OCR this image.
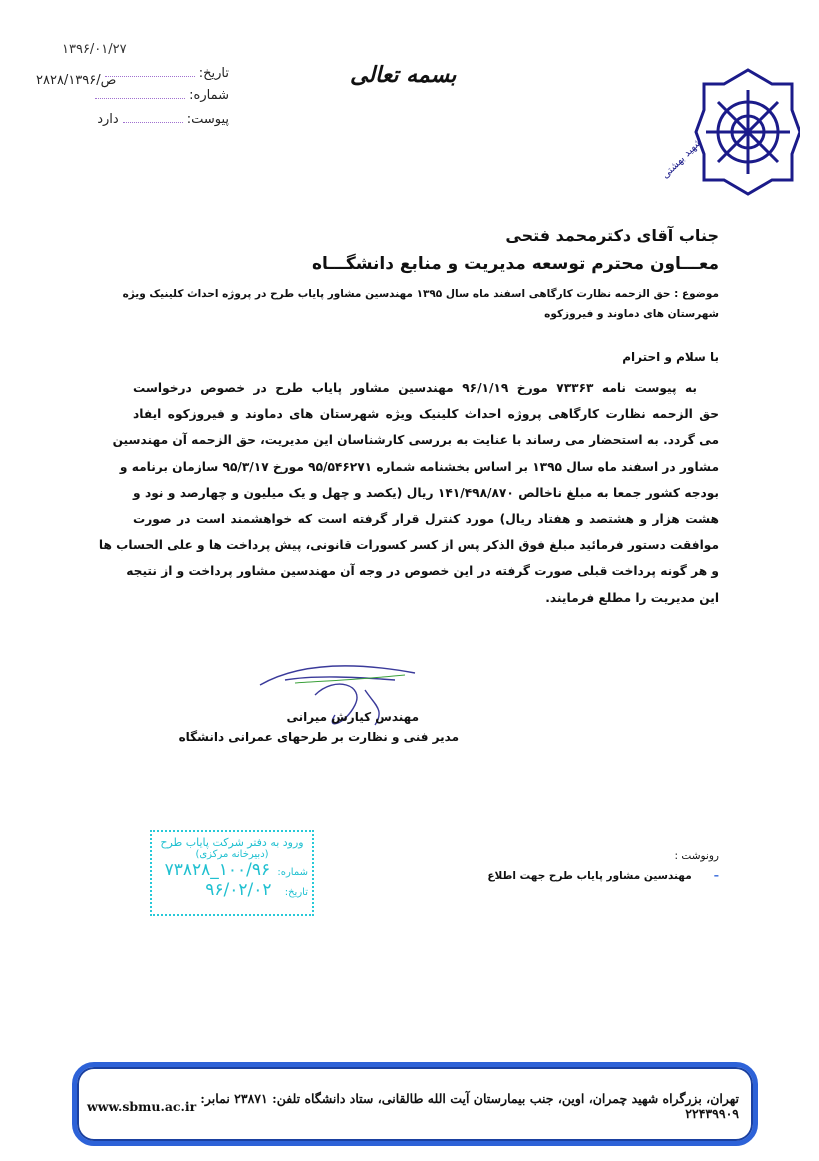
۱۳۹۶/۰۱/۲۷
تاریخ:
۲۸۲۸/ص/۱۳۹۶
شماره:
پیوست:دارد
بسمه تعالی
شهید بهشتی
جناب آقای دکترمحمد فتحی
معـــاون محترم توسعه مدیریت و منابع دانشگـــاه
موضوع : حق الزحمه نظارت کارگاهی اسفند ماه سال ۱۳۹۵ مهندسین مشاور پایاب طرح در پروژه احداث کلینیک ویژه شهرستان های دماوند و فیروزکوه
با سلام و احترام
به پیوست نامه ۷۳۳۶۳ مورخ ۹۶/۱/۱۹ مهندسین مشاور پایاب طرح در خصوص درخواست
حق الزحمه نظارت کارگاهی پروژه احداث کلینیک ویژه شهرستان های دماوند و فیروزکوه ایفاد
می گردد. به استحضار می رساند با عنایت به بررسی کارشناسان این مدیریت، حق الزحمه آن مهندسین
مشاور در اسفند ماه سال ۱۳۹۵ بر اساس بخشنامه شماره ۹۵/۵۴۶۲۷۱ مورخ ۹۵/۳/۱۷ سازمان برنامه و
بودجه کشور جمعا به مبلغ ناخالص ۱۴۱/۴۹۸/۸۷۰ ریال (یکصد و چهل و یک میلیون و چهارصد و نود و
هشت هزار و هشتصد و هفتاد ریال) مورد کنترل قرار گرفته است که خواهشمند است در صورت
موافقت دستور فرمائید مبلغ فوق الذکر پس از کسر کسورات قانونی، پیش پرداخت ها و علی الحساب ها
و هر گونه پرداخت قبلی صورت گرفته در این خصوص در وجه آن مهندسین مشاور پرداخت و از نتیجه
این مدیریت را مطلع فرمایند.
مهندس کیارش میرانی
مدیر فنی و نظارت بر طرحهای عمرانی دانشگاه
ورود به دفتر شرکت پایاب طرح
(دبیرخانه مرکزی)
شماره: ۱۰۰/۹۶_۷۳۸۲۸
تاریخ: ۹۶/۰۲/۰۲
رونوشت :
–مهندسین مشاور پایاب طرح جهت اطلاع
www.sbmu.ac.ir تهران، بزرگراه شهید چمران، اوین، جنب بیمارستان آیت الله طالقانی، ستاد دانشگاه تلفن: ۲۳۸۷۱ نمابر: ۲۲۴۳۹۹۰۹
